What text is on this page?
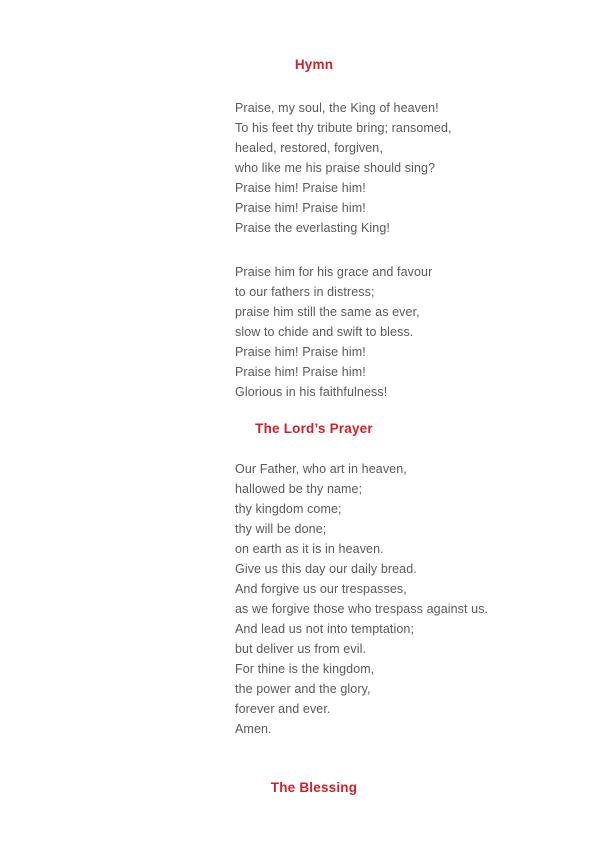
Hymn
Praise, my soul, the King of heaven!
To his feet thy tribute bring; ransomed,
healed, restored, forgiven,
who like me his praise should sing?
Praise him! Praise him!
Praise him! Praise him!
Praise the everlasting King!
Praise him for his grace and favour
to our fathers in distress;
praise him still the same as ever,
slow to chide and swift to bless.
Praise him! Praise him!
Praise him! Praise him!
Glorious in his faithfulness!
The Lord’s Prayer
Our Father, who art in heaven,
hallowed be thy name;
thy kingdom come;
thy will be done;
on earth as it is in heaven.
Give us this day our daily bread.
And forgive us our trespasses,
as we forgive those who trespass against us.
And lead us not into temptation;
but deliver us from evil.
For thine is the kingdom,
the power and the glory,
forever and ever.
Amen.
The Blessing
